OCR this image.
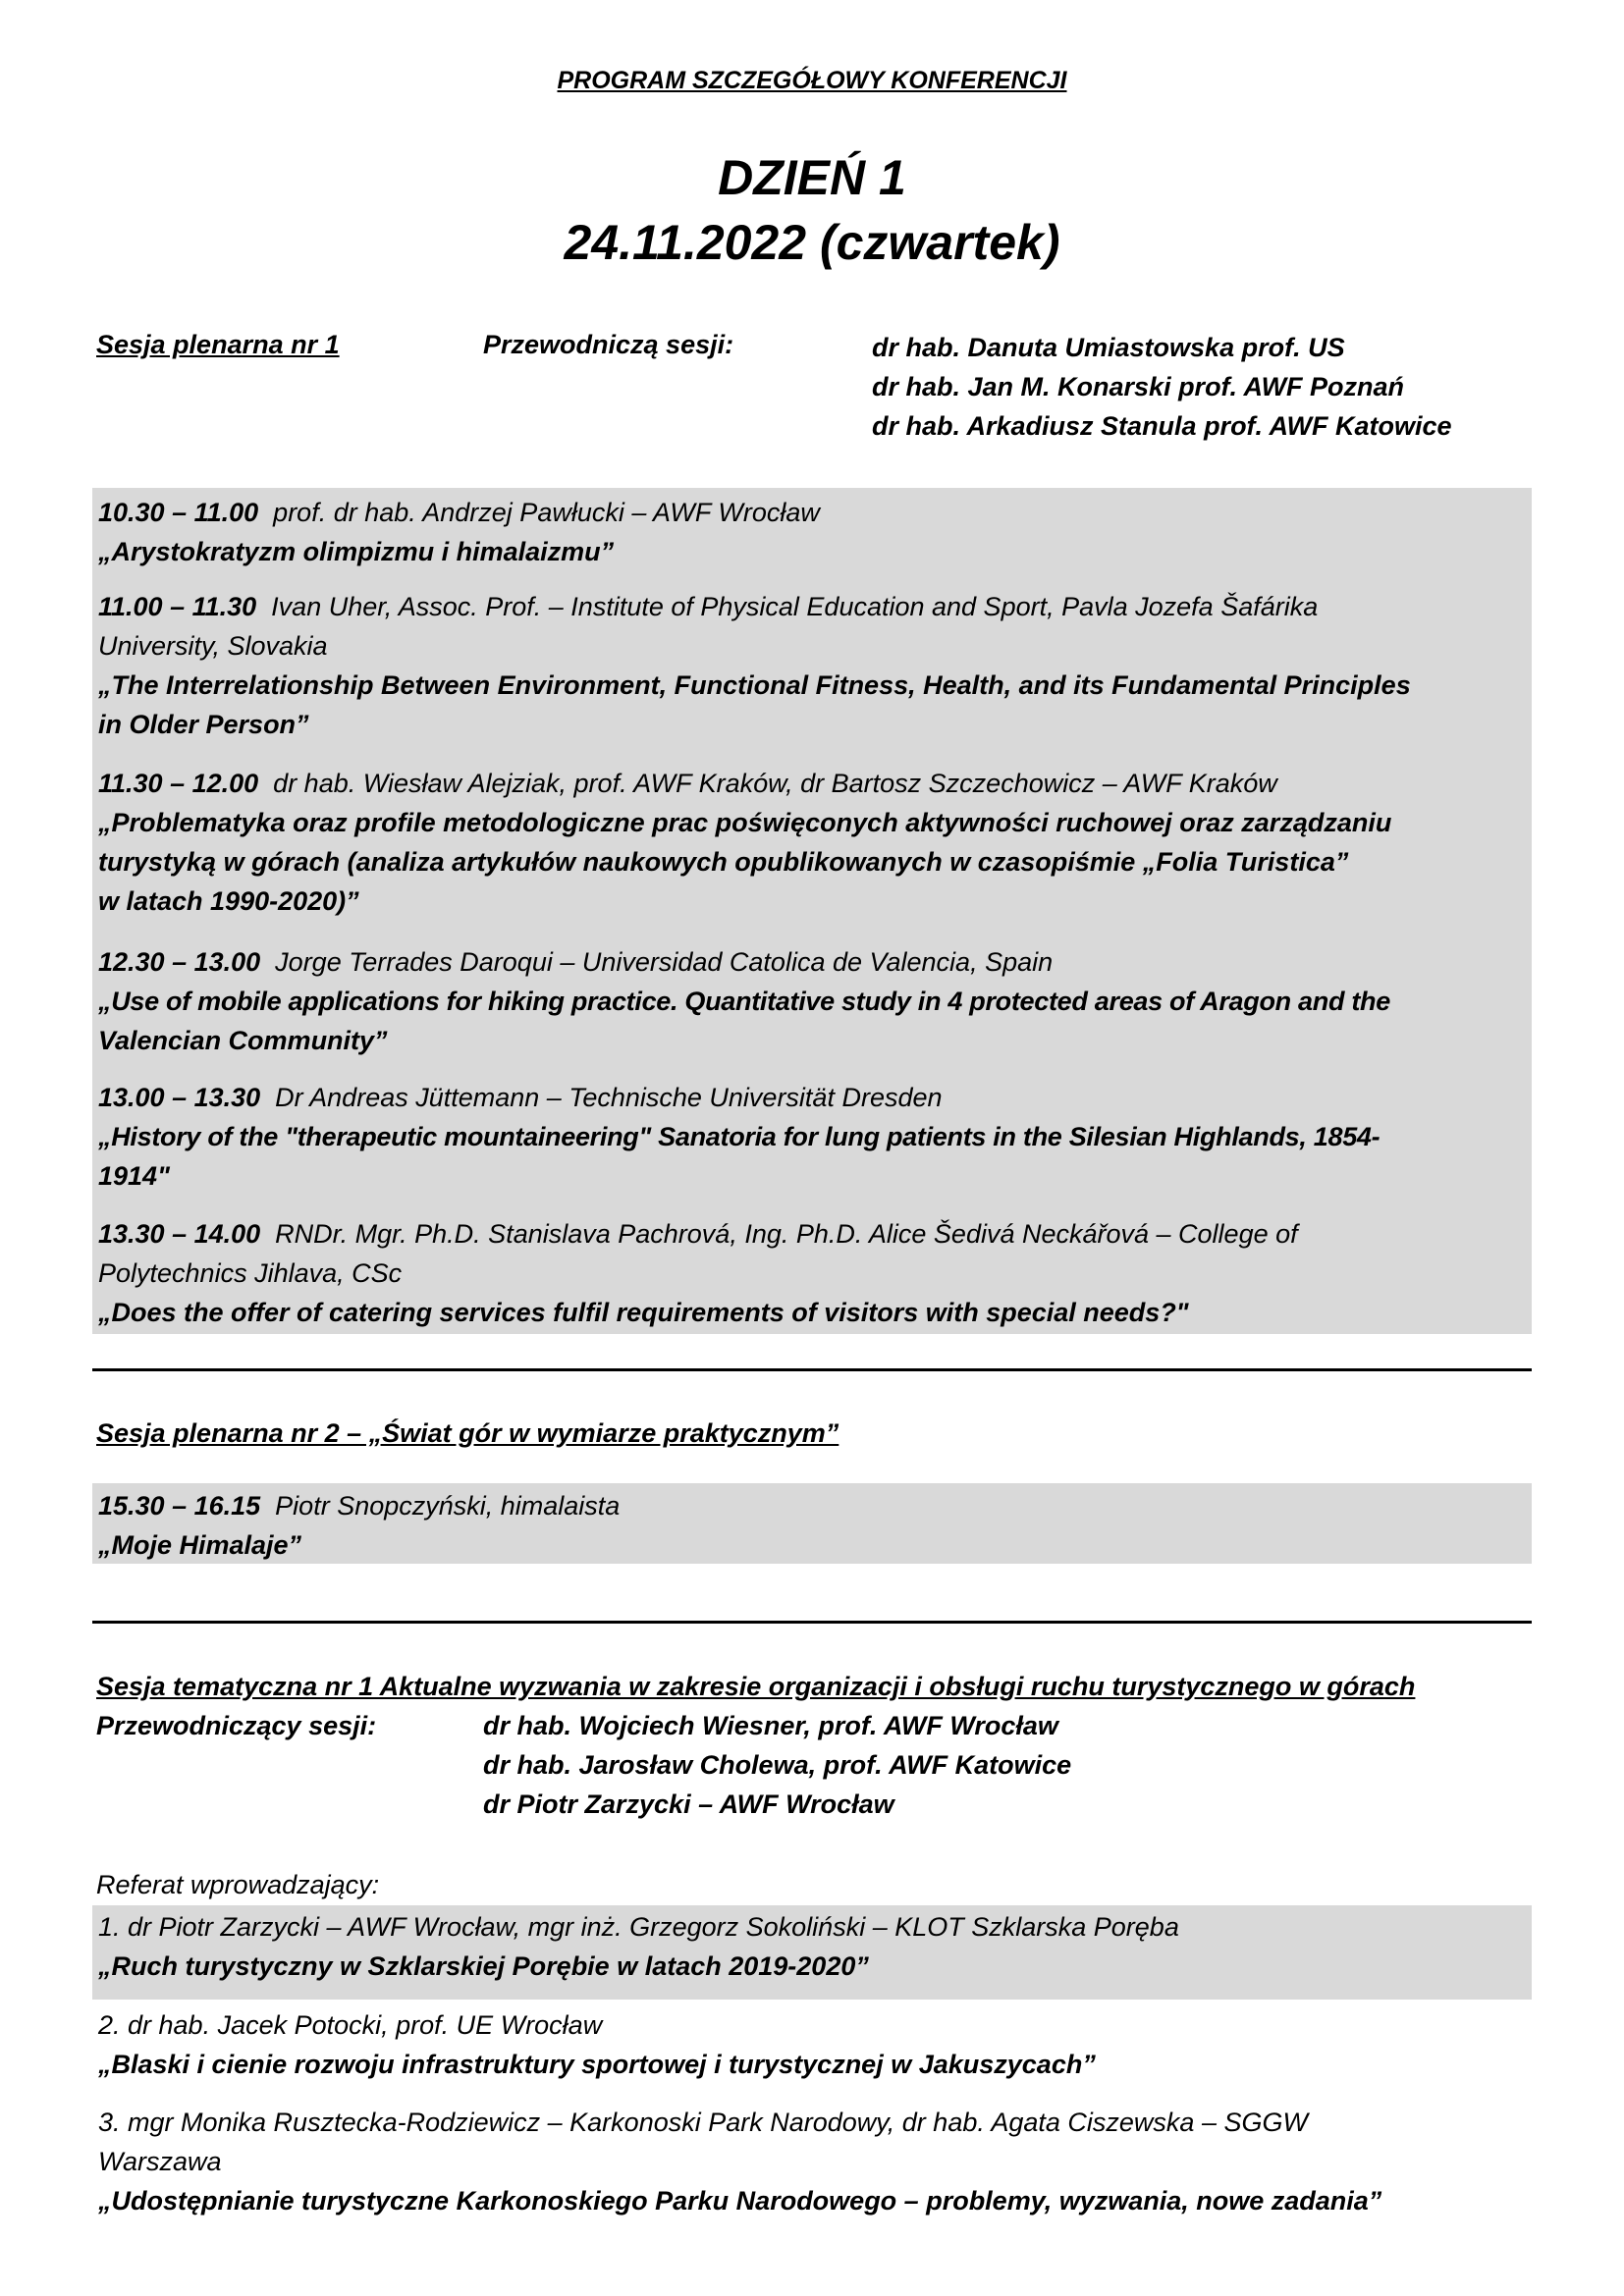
PROGRAM SZCZEGÓŁOWY KONFERENCJI
DZIEŃ 1
24.11.2022 (czwartek)
Sesja plenarna nr 1	Przewodniczą sesji:	dr hab. Danuta Umiastowska prof. US
dr hab. Jan M. Konarski prof. AWF Poznań
dr hab. Arkadiusz Stanula prof. AWF Katowice
10.30 – 11.00 prof. dr hab. Andrzej Pawłucki – AWF Wrocław
„Arystokratyzm olimpizmu i himalaizmu”
11.00 – 11.30 Ivan Uher, Assoc. Prof. – Institute of Physical Education and Sport, Pavla Jozefa Šafárika
University, Slovakia
„The Interrelationship Between Environment, Functional Fitness, Health, and its Fundamental Principles
in Older Person”
11.30 – 12.00 dr hab. Wiesław Alejziak, prof. AWF Kraków, dr Bartosz Szczechowicz – AWF Kraków
„Problematyka oraz profile metodologiczne prac poświęconych aktywności ruchowej oraz zarządzaniu
turystyką w górach (analiza artykułów naukowych opublikowanych w czasopiśmie „Folia Turistica”
w latach 1990-2020)”
12.30 – 13.00 Jorge Terrades Daroqui – Universidad Catolica de Valencia, Spain
„Use of mobile applications for hiking practice. Quantitative study in 4 protected areas of Aragon and the
Valencian Community”
13.00 – 13.30 Dr Andreas Jüttemann – Technische Universität Dresden
„History of the "therapeutic mountaineering" Sanatoria for lung patients in the Silesian Highlands, 1854-
1914"
13.30 – 14.00 RNDr. Mgr. Ph.D. Stanislava Pachrová, Ing. Ph.D. Alice Šedivá Neckářová – College of
Polytechnics Jihlava, CSc
„Does the offer of catering services fulfil requirements of visitors with special needs?"
Sesja plenarna nr 2 – „Świat gór w wymiarze praktycznym”
15.30 – 16.15 Piotr Snopczyński, himalaista
„Moje Himalaje”
Sesja tematyczna nr 1 Aktualne wyzwania w zakresie organizacji i obsługi ruchu turystycznego w górach
Przewodniczący sesji:	dr hab. Wojciech Wiesner, prof. AWF Wrocław
dr hab. Jarosław Cholewa, prof. AWF Katowice
dr Piotr Zarzycki – AWF Wrocław
Referat wprowadzający:
1. dr Piotr Zarzycki – AWF Wrocław, mgr inż. Grzegorz Sokoliński – KLOT Szklarska Poręba
„Ruch turystyczny w Szklarskiej Porębie w latach 2019-2020”
2. dr hab. Jacek Potocki, prof. UE Wrocław
„Blaski i cienie rozwoju infrastruktury sportowej i turystycznej w Jakuszycach”
3. mgr Monika Rusztecka-Rodziewicz – Karkonoski Park Narodowy, dr hab. Agata Ciszewska – SGGW
Warszawa
„Udostępnianie turystyczne Karkonoskiego Parku Narodowego – problemy, wyzwania, nowe zadania”
